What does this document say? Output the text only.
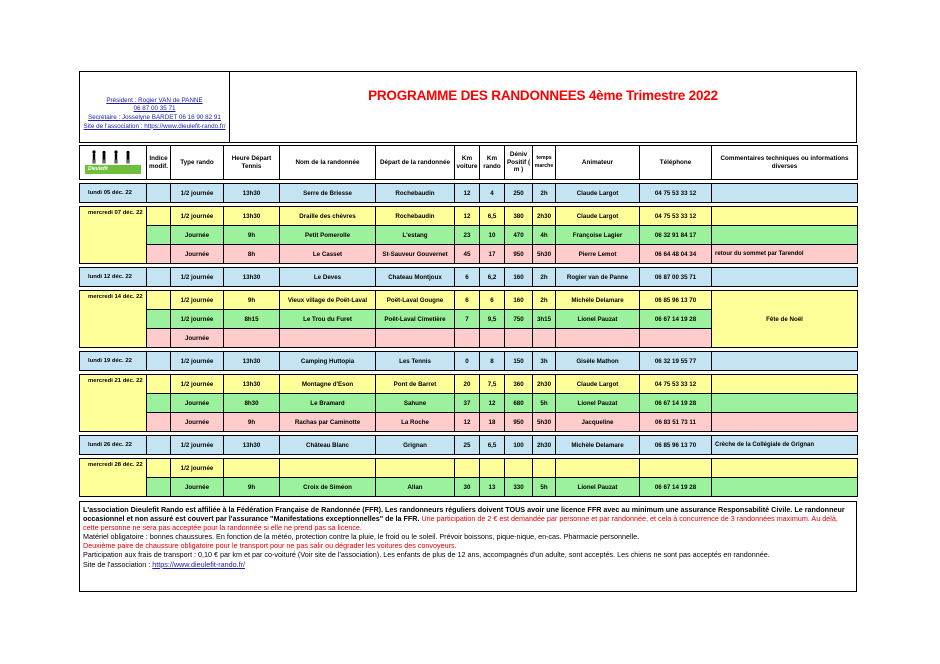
Président : Rogier VAN de PANNE
06 87 00 35 71
Secrétaire : Josselyne BARDET 06 16 90 82 91
Site de l'association : https://www.dieulefit-rando.fr/
PROGRAMME DES RANDONNEES 4ème Trimestre 2022
Dieulefit	Indice modif.	Type rando	Heure Départ Tennis	Nom de la randonnée	Départ de la randonnée	Km voiture	Km rando	Déniv Positif ( m )	temps marche	Animateur	Téléphone	Commentaires techniques ou informations diverses

lundi 05 déc. 22		1/2 journée	13h30	Serre de Briesse	Rochebaudin	12	4	250	2h	Claude Largot	04 75 53 33 12	

mercredi 07 déc. 22		1/2 journée	13h30	Draille des chèvres	Rochebaudin	12	6,5	380	2h30	Claude Largot	04 75 53 33 12	
		Journée	9h	Petit Pomerolle	L'estang	23	10	470	4h	Françoise Lagier	06 32 91 84 17	
		Journée	8h	Le Casset	St-Sauveur Gouvernet	45	17	950	5h30	Pierre Lemot	06 64 48 04 34	retour du sommet par Tarendol

lundi 12 déc. 22		1/2 journée	13h30	Le Deves	Chateau Montjoux	6	6,2	160	2h	Rogier van de Panne	06 87 00 35 71	

mercredi 14 déc. 22		1/2 journée	9h	Vieux village de Poët-Laval	Poët-Laval Gougne	6	6	160	2h	Michèle Delamare	06 85 96 13 70	Fête de Noël
		1/2 journée	8h15	Le Trou du Furet	Poët-Laval Cimetière	7	9,5	750	3h15	Lionel Pauzat	06 67 14 19 28	
		Journée										

lundi 19 déc. 22		1/2 journée	13h30	Camping Huttopia	Les Tennis	0	8	150	3h	Gisèle Mathon	06 32 19 55 77	

mercredi 21 déc. 22		1/2 journée	13h30	Montagne d'Eson	Pont de Barret	20	7,5	360	2h30	Claude Largot	04 75 53 33 12	
		Journée	8h30	Le Bramard	Sahune	37	12	680	5h	Lionel Pauzat	06 67 14 19 28	
		Journée	9h	Rachas par Caminotte	La Roche	12	18	950	5h30	Jacqueline	06 83 51 73 11	

lundi 26 déc. 22		1/2 journée	13h30	Château Blanc	Grignan	25	6,5	100	2h30	Michèle Delamare	06 85 96 13 70	Crèche de la Collégiale de Grignan

mercredi 28 déc. 22		1/2 journée										
		Journée	9h	Croix de Siméon	Allan	30	13	330	5h	Lionel Pauzat	06 67 14 19 28	

L'association Dieulefit Rando est affiliée à la Fédération Française de Randonnée (FFR). Les randonneurs réguliers doivent TOUS avoir une licence FFR avec au minimum une assurance Responsabilité Civile. Le randonneur occasionnel et non assuré est couvert par l'assurance "Manifestations exceptionnelles" de la FFR. Une participation de 2 € est demandée par personne et par randonnée, et cela à concurrence de 3 randonnées maximum. Au delà, cette personne ne sera pas acceptée pour la randonnée si elle ne prend pas sa licence.

Matériel obligatoire : bonnes chaussures. En fonction de la météo, protection contre la pluie, le froid ou le soleil. Prévoir boissons, pique-nique, en-cas. Pharmacie personnelle.

Deuxième paire de chaussure obligatoire pour le transport pour ne pas salir ou dégrader les voitures des convoyeurs.

Participation aux frais de transport : 0,10 € par km et par co-voituré (Voir site de l'association). Les enfants de plus de 12 ans, accompagnés d'un adulte, sont acceptés. Les chiens ne sont pas acceptés en randonnée.

Site de l'association : https://www.dieulefit-rando.fr/
